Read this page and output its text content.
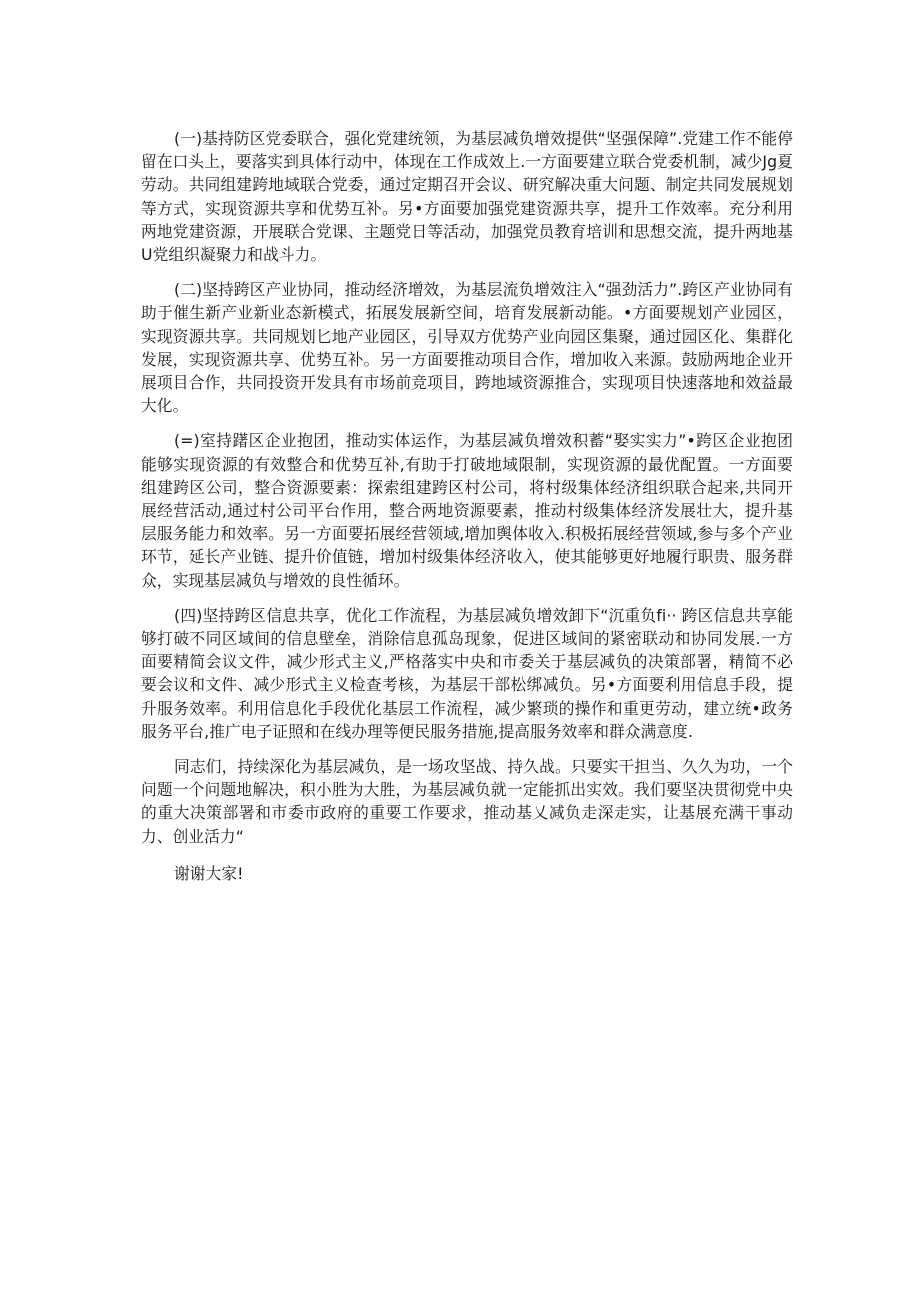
(一)基持防区党委联合，强化党建统领，为基层减负增效提供“坚强保障”.党建工作不能停留在口头上，要落实到具体行动中，体现在工作成效上.一方面要建立联合党委机制，减少Jg夏劳动。共同组建跨地域联合党委，通过定期召开会议、研究解决重大问题、制定共同发展规划等方式，实现资源共享和优势互补。另•方面要加强党建资源共享，提升工作效率。充分利用两地党建资源，开展联合党课、主题党日等活动，加强党员教育培训和思想交流，提升两地基U党组织凝聚力和战斗力。

(二)坚持跨区产业协同，推动经济增效，为基层流负增效注入“强劲活力”.跨区产业协同有助于催生新产业新业态新模式，拓展发展新空间，培育发展新动能。•方面要规划产业园区，实现资源共享。共同规划匕地产业园区，引导双方优势产业向园区集聚，通过园区化、集群化发展，实现资源共享、优势互补。另一方面要推动项目合作，增加收入来源。鼓励两地企业开展项目合作，共同投资开发具有市场前竞项目，跨地域资源推合，实现项目快速落地和效益最大化。

(=)室持躇区企业抱团，推动实体运作，为基层减负增效积蓄“娶实实力”•跨区企业抱团能够实现资源的有效整合和优势互补,有助于打破地域限制，实现资源的最优配置。一方面要组建跨区公司，整合资源要素：探索组建跨区村公司，将村级集体经济组织联合起来,共同开展经营活动,通过村公司平台作用，整合两地资源要素，推动村级集体经济发展壮大，提升基层服务能力和效率。另一方面要拓展经营领域,增加舆体收入.积极拓展经营领域,参与多个产业环节，延长产业链、提升价值链，增加村级集体经济收入，使其能够更好地履行职贵、服务群众，实现基层减负与增效的良性循环。

(四)坚持跨区信息共享，优化工作流程，为基层减负增效卸下“沉重负fi·· 跨区信息共享能够打破不同区域间的信息壁垒，消除信息孤岛现象，促进区域间的紧密联动和协同发展.一方面要精简会议文件，减少形式主义,严格落实中央和市委关于基层减负的决策部署，精简不必要会议和文件、减少形式主义检查考核，为基层干部松绑减负。另•方面要利用信息手段，提升服务效率。利用信息化手段优化基层工作流程，减少繁琐的操作和重更劳动，建立统•政务服务平台,推广电子证照和在线办理等便民服务措施,提高服务效率和群众满意度.

同志们，持续深化为基层减负，是一场攻坚战、持久战。只要实干担当、久久为功，一个问题一个问题地解决，积小胜为大胜，为基层减负就一定能抓出实效。我们要坚决贯彻党中央的重大决策部署和市委市政府的重要工作要求，推动基乂减负走深走实，让基展充满干事动力、创业活力“

谢谢大家!
